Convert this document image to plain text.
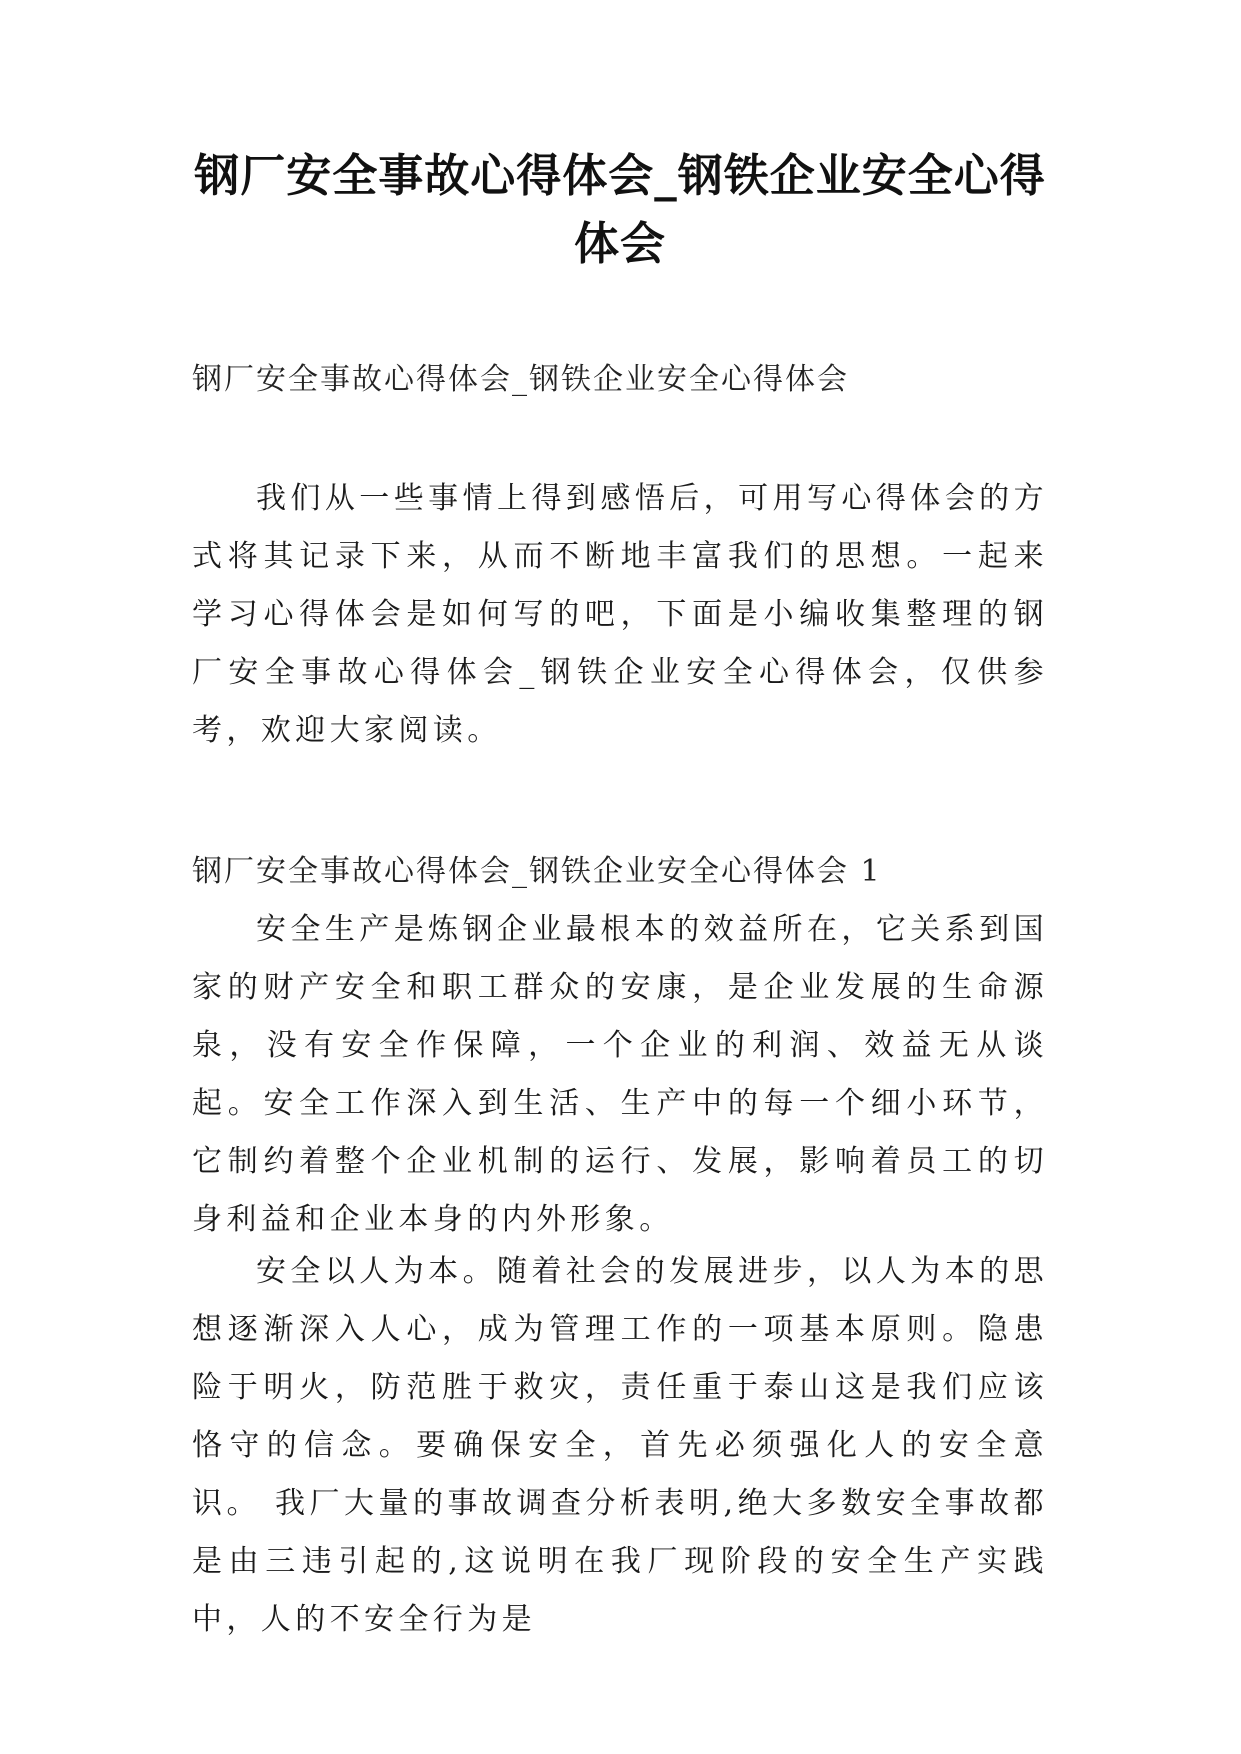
钢厂安全事故心得体会_钢铁企业安全心得体会
钢厂安全事故心得体会_钢铁企业安全心得体会

我们从一些事情上得到感悟后，可用写心得体会的方式将其记录下来，从而不断地丰富我们的思想。一起来学习心得体会是如何写的吧，下面是小编收集整理的钢厂安全事故心得体会_钢铁企业安全心得体会，仅供参考，欢迎大家阅读。

钢厂安全事故心得体会_钢铁企业安全心得体会 1

安全生产是炼钢企业最根本的效益所在，它关系到国家的财产安全和职工群众的安康，是企业发展的生命源泉，没有安全作保障，一个企业的利润、效益无从谈起。安全工作深入到生活、生产中的每一个细小环节，它制约着整个企业机制的运行、发展，影响着员工的切身利益和企业本身的内外形象。

安全以人为本。随着社会的发展进步，以人为本的思想逐渐深入人心，成为管理工作的一项基本原则。隐患 险于明火，防范胜于救灾，责任重于泰山这是我们应该恪守的信念。要确保安全，首先必须强化人的安全意识。 我厂大量的事故调查分析表明,绝大多数安全事故都是由三违引起的,这说明在我厂现阶段的安全生产实践中，人的不安全行为是
